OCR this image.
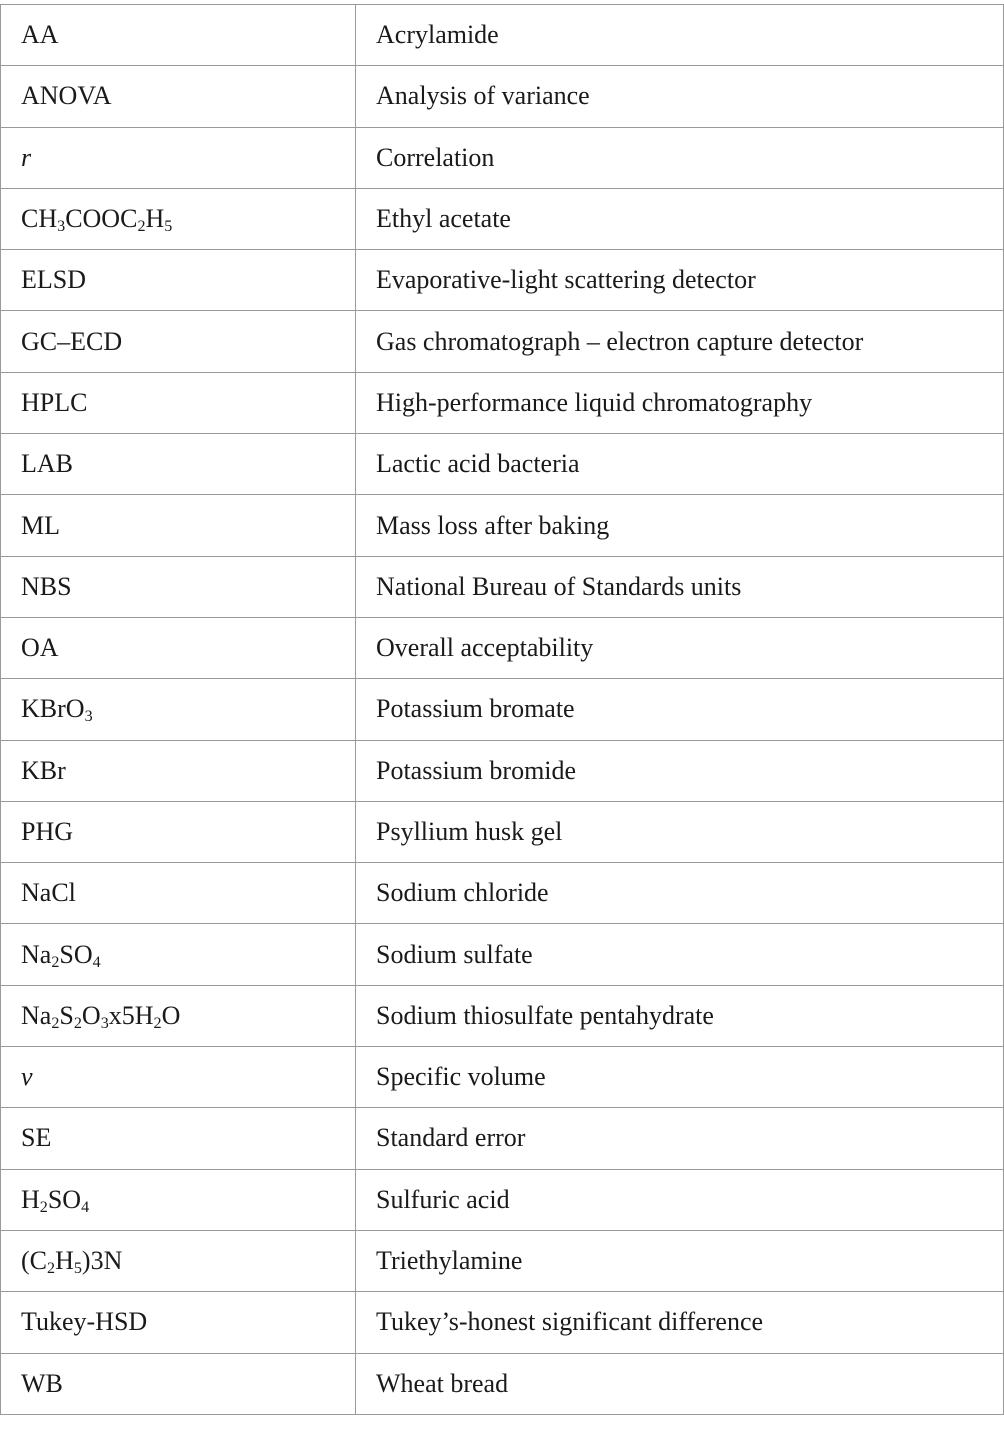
AA	Acrylamide
ANOVA	Analysis of variance
r	Correlation
$CH_3COOC_2H_5$	Ethyl acetate
ELSD	Evaporative-light scattering detector
GC–ECD	Gas chromatograph – electron capture detector
HPLC	High-performance liquid chromatography
LAB	Lactic acid bacteria
ML	Mass loss after baking
NBS	National Bureau of Standards units
OA	Overall acceptability
KBrO$_3$	Potassium bromate
KBr	Potassium bromide
PHG	Psyllium husk gel
NaCl	Sodium chloride
$Na_2SO_4$	Sodium sulfate
$Na_2S_2O_3x5H_2O$	Sodium thiosulfate pentahydrate
v	Specific volume
SE	Standard error
$H_2SO_4$	Sulfuric acid
$(C_2H_5)3N$	Triethylamine
Tukey-HSD	Tukey’s-honest significant difference
WB	Wheat bread
